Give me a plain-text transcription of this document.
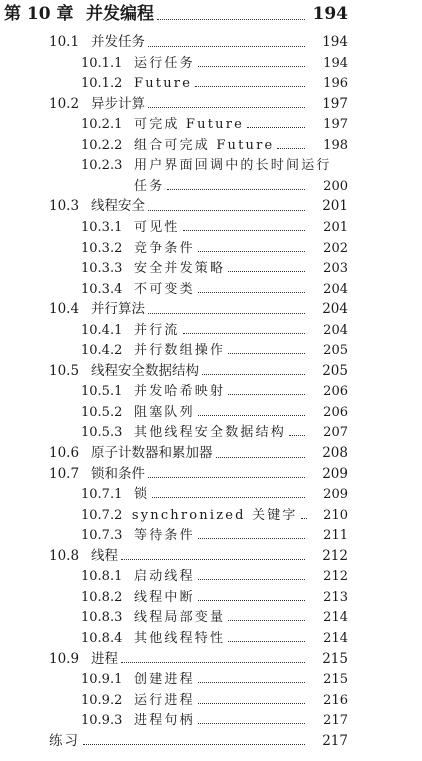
第 10 章 并发编程	194
10.1 并发任务	194
10.1.1 运行任务	194
10.1.2 Future	196
10.2 异步计算	197
10.2.1 可完成 Future	197
10.2.2 组合可完成 Future	198
10.2.3 用户界面回调中的长时间运行
任务	200
10.3 线程安全	201
10.3.1 可见性	201
10.3.2 竞争条件	202
10.3.3 安全并发策略	203
10.3.4 不可变类	204
10.4 并行算法	204
10.4.1 并行流	204
10.4.2 并行数组操作	205
10.5 线程安全数据结构	205
10.5.1 并发哈希映射	206
10.5.2 阻塞队列	206
10.5.3 其他线程安全数据结构	207
10.6 原子计数器和累加器	208
10.7 锁和条件	209
10.7.1 锁	209
10.7.2 synchronized 关键字	210
10.7.3 等待条件	211
10.8 线程	212
10.8.1 启动线程	212
10.8.2 线程中断	213
10.8.3 线程局部变量	214
10.8.4 其他线程特性	214
10.9 进程	215
10.9.1 创建进程	215
10.9.2 运行进程	216
10.9.3 进程句柄	217
练习	217
